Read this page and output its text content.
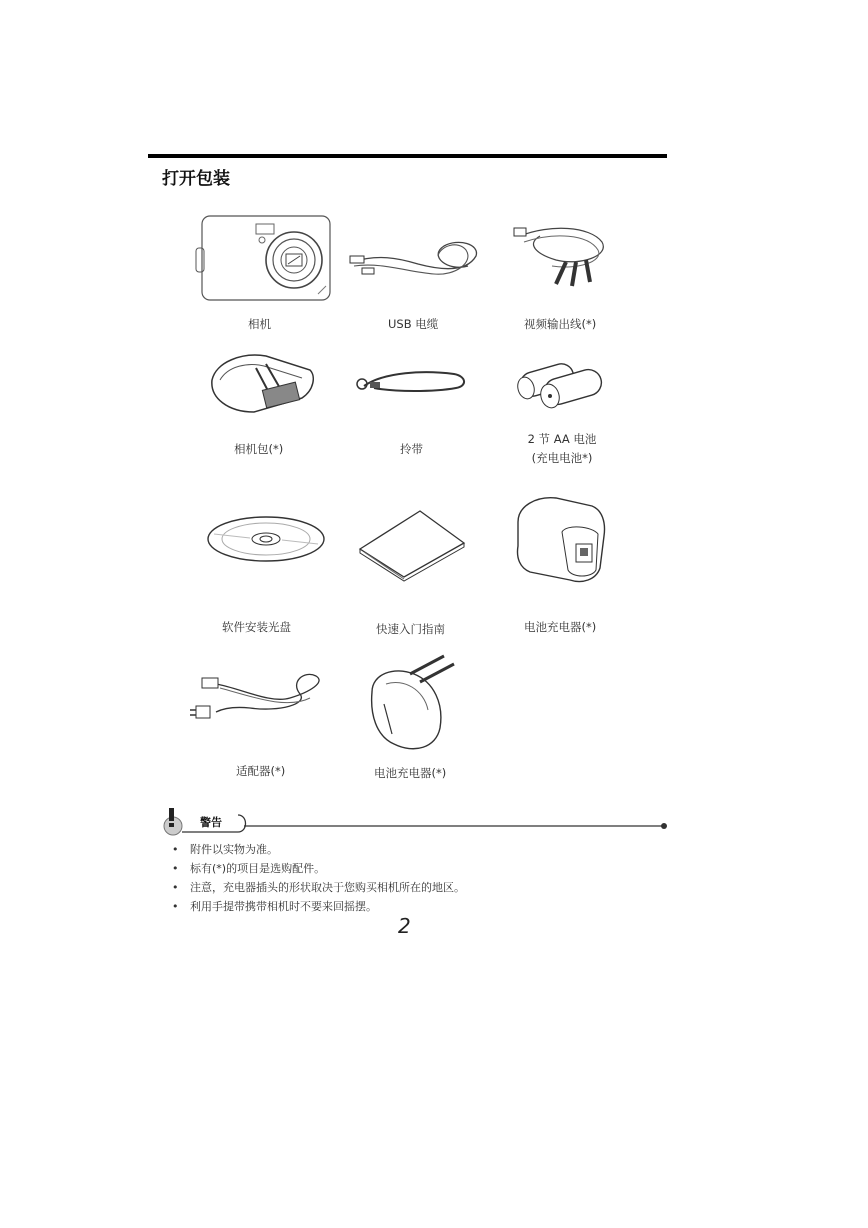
打开包装
相机	USB 电缆	视频输出线(*)
相机包(*)	拎带
2 节 AA 电池
(充电电池*)
软件安装光盘	快速入门指南	电池充电器(*)
适配器(*)	电池充电器(*)
警告
• 附件以实物为准。
• 标有(*)的项目是选购配件。
• 注意，充电器插头的形状取决于您购买相机所在的地区。
• 利用手提带携带相机时不要来回摇摆。
2
